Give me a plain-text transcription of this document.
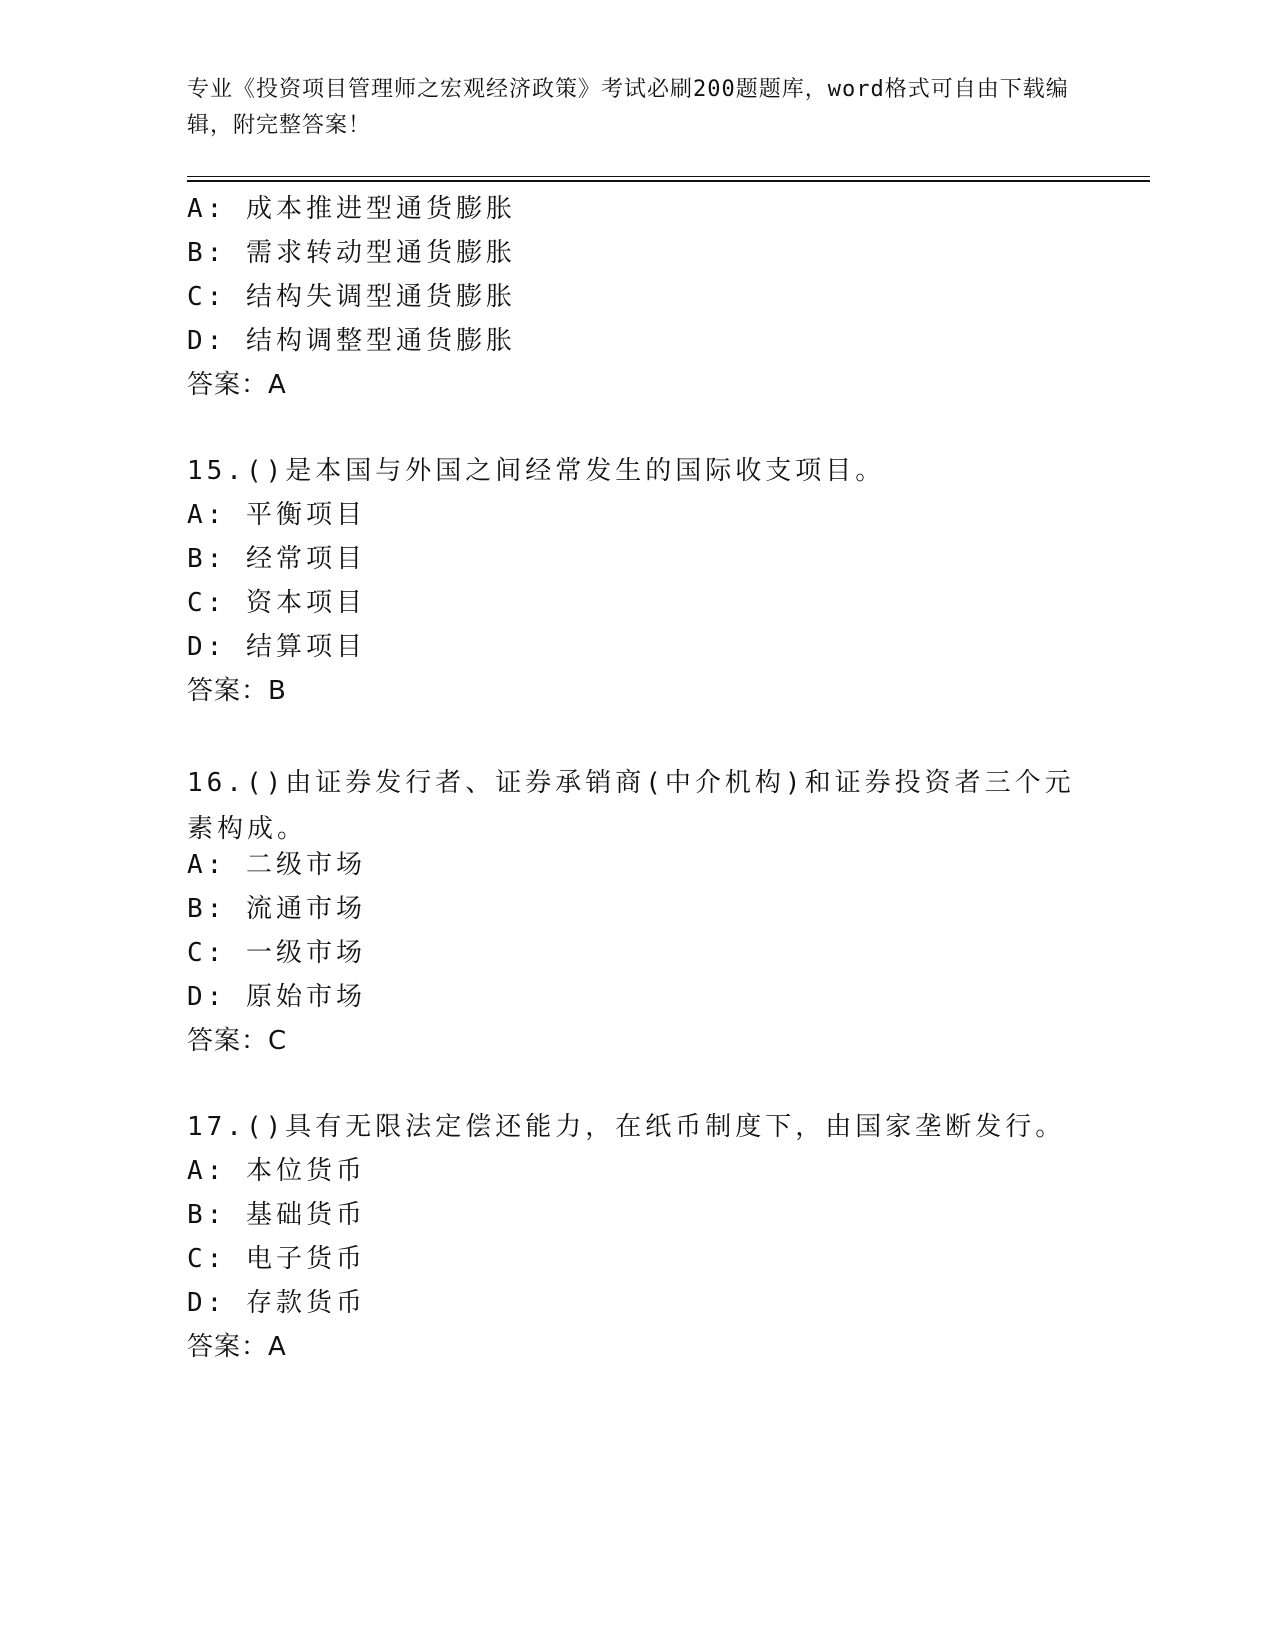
专业《投资项目管理师之宏观经济政策》考试必刷200题题库，word格式可自由下载编辑，附完整答案！
A: 成本推进型通货膨胀
B: 需求转动型通货膨胀
C: 结构失调型通货膨胀
D: 结构调整型通货膨胀
答案：A
15.()是本国与外国之间经常发生的国际收支项目。
A: 平衡项目
B: 经常项目
C: 资本项目
D: 结算项目
答案：B
16.()由证券发行者、证券承销商(中介机构)和证券投资者三个元素构成。
A: 二级市场
B: 流通市场
C: 一级市场
D: 原始市场
答案：C
17.()具有无限法定偿还能力，在纸币制度下，由国家垄断发行。
A: 本位货币
B: 基础货币
C: 电子货币
D: 存款货币
答案：A
